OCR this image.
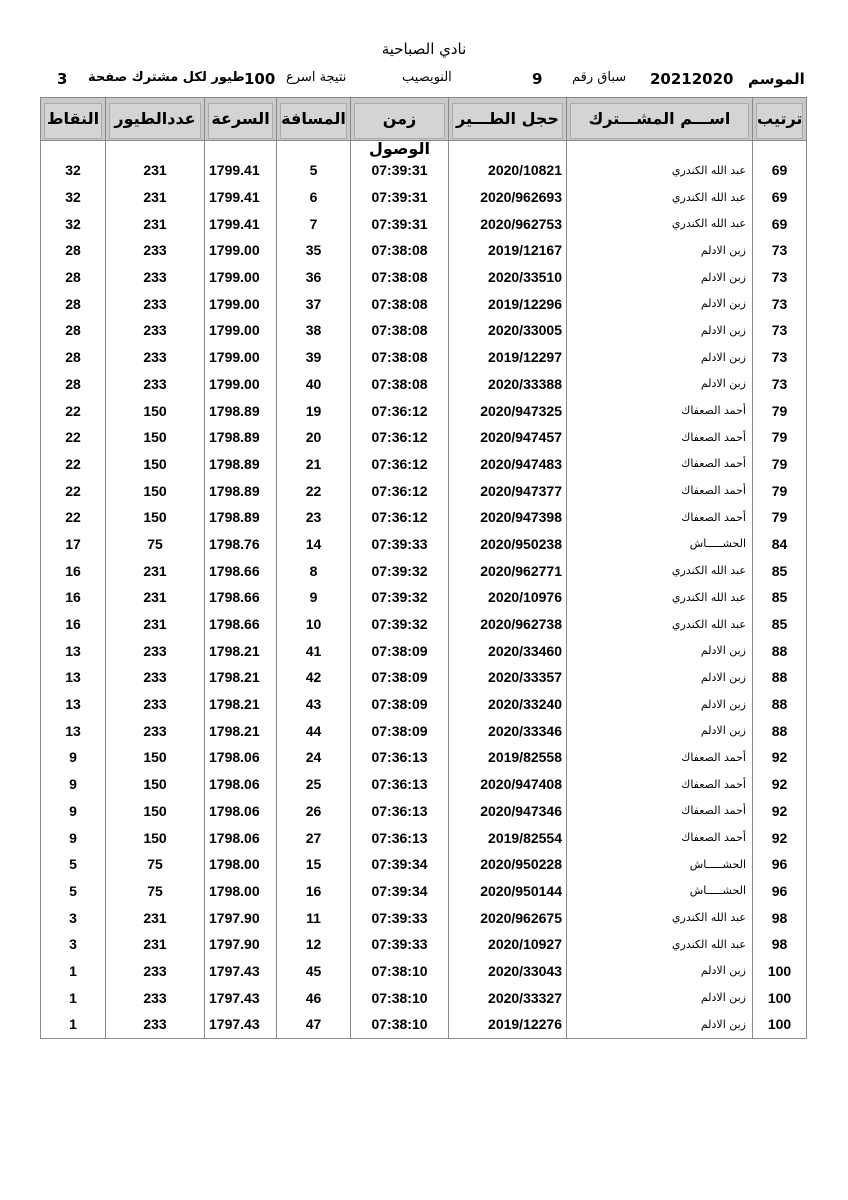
نادي الصباحية
3 طيور لكل مشترك صفحة 100 نتيجة اسرع	النويصيب	9 سباق رقم 20212020 الموسم
النقاط	عددالطيور	السرعة	المسافة	زمن الوصول	حجل الطـــير	اســـم المشـــترك	ترتيب

32	231	1799.41	5	07:39:31	2020/10821	عبد الله الكندري	69
32	231	1799.41	6	07:39:31	2020/962693	عبد الله الكندري	69
32	231	1799.41	7	07:39:31	2020/962753	عبد الله الكندري	69
28	233	1799.00	35	07:38:08	2019/12167	زبن الادلم	73
28	233	1799.00	36	07:38:08	2020/33510	زبن الادلم	73
28	233	1799.00	37	07:38:08	2019/12296	زبن الادلم	73
28	233	1799.00	38	07:38:08	2020/33005	زبن الادلم	73
28	233	1799.00	39	07:38:08	2019/12297	زبن الادلم	73
28	233	1799.00	40	07:38:08	2020/33388	زبن الادلم	73
22	150	1798.89	19	07:36:12	2020/947325	أحمد الصعفاك	79
22	150	1798.89	20	07:36:12	2020/947457	أحمد الصعفاك	79
22	150	1798.89	21	07:36:12	2020/947483	أحمد الصعفاك	79
22	150	1798.89	22	07:36:12	2020/947377	أحمد الصعفاك	79
22	150	1798.89	23	07:36:12	2020/947398	أحمد الصعفاك	79
17	75	1798.76	14	07:39:33	2020/950238	الحشـــــاش	84
16	231	1798.66	8	07:39:32	2020/962771	عبد الله الكندري	85
16	231	1798.66	9	07:39:32	2020/10976	عبد الله الكندري	85
16	231	1798.66	10	07:39:32	2020/962738	عبد الله الكندري	85
13	233	1798.21	41	07:38:09	2020/33460	زبن الادلم	88
13	233	1798.21	42	07:38:09	2020/33357	زبن الادلم	88
13	233	1798.21	43	07:38:09	2020/33240	زبن الادلم	88
13	233	1798.21	44	07:38:09	2020/33346	زبن الادلم	88
9	150	1798.06	24	07:36:13	2019/82558	أحمد الصعفاك	92
9	150	1798.06	25	07:36:13	2020/947408	أحمد الصعفاك	92
9	150	1798.06	26	07:36:13	2020/947346	أحمد الصعفاك	92
9	150	1798.06	27	07:36:13	2019/82554	أحمد الصعفاك	92
5	75	1798.00	15	07:39:34	2020/950228	الحشـــــاش	96
5	75	1798.00	16	07:39:34	2020/950144	الحشـــــاش	96
3	231	1797.90	11	07:39:33	2020/962675	عبد الله الكندري	98
3	231	1797.90	12	07:39:33	2020/10927	عبد الله الكندري	98
1	233	1797.43	45	07:38:10	2020/33043	زبن الادلم	100
1	233	1797.43	46	07:38:10	2020/33327	زبن الادلم	100
1	233	1797.43	47	07:38:10	2019/12276	زبن الادلم	100
